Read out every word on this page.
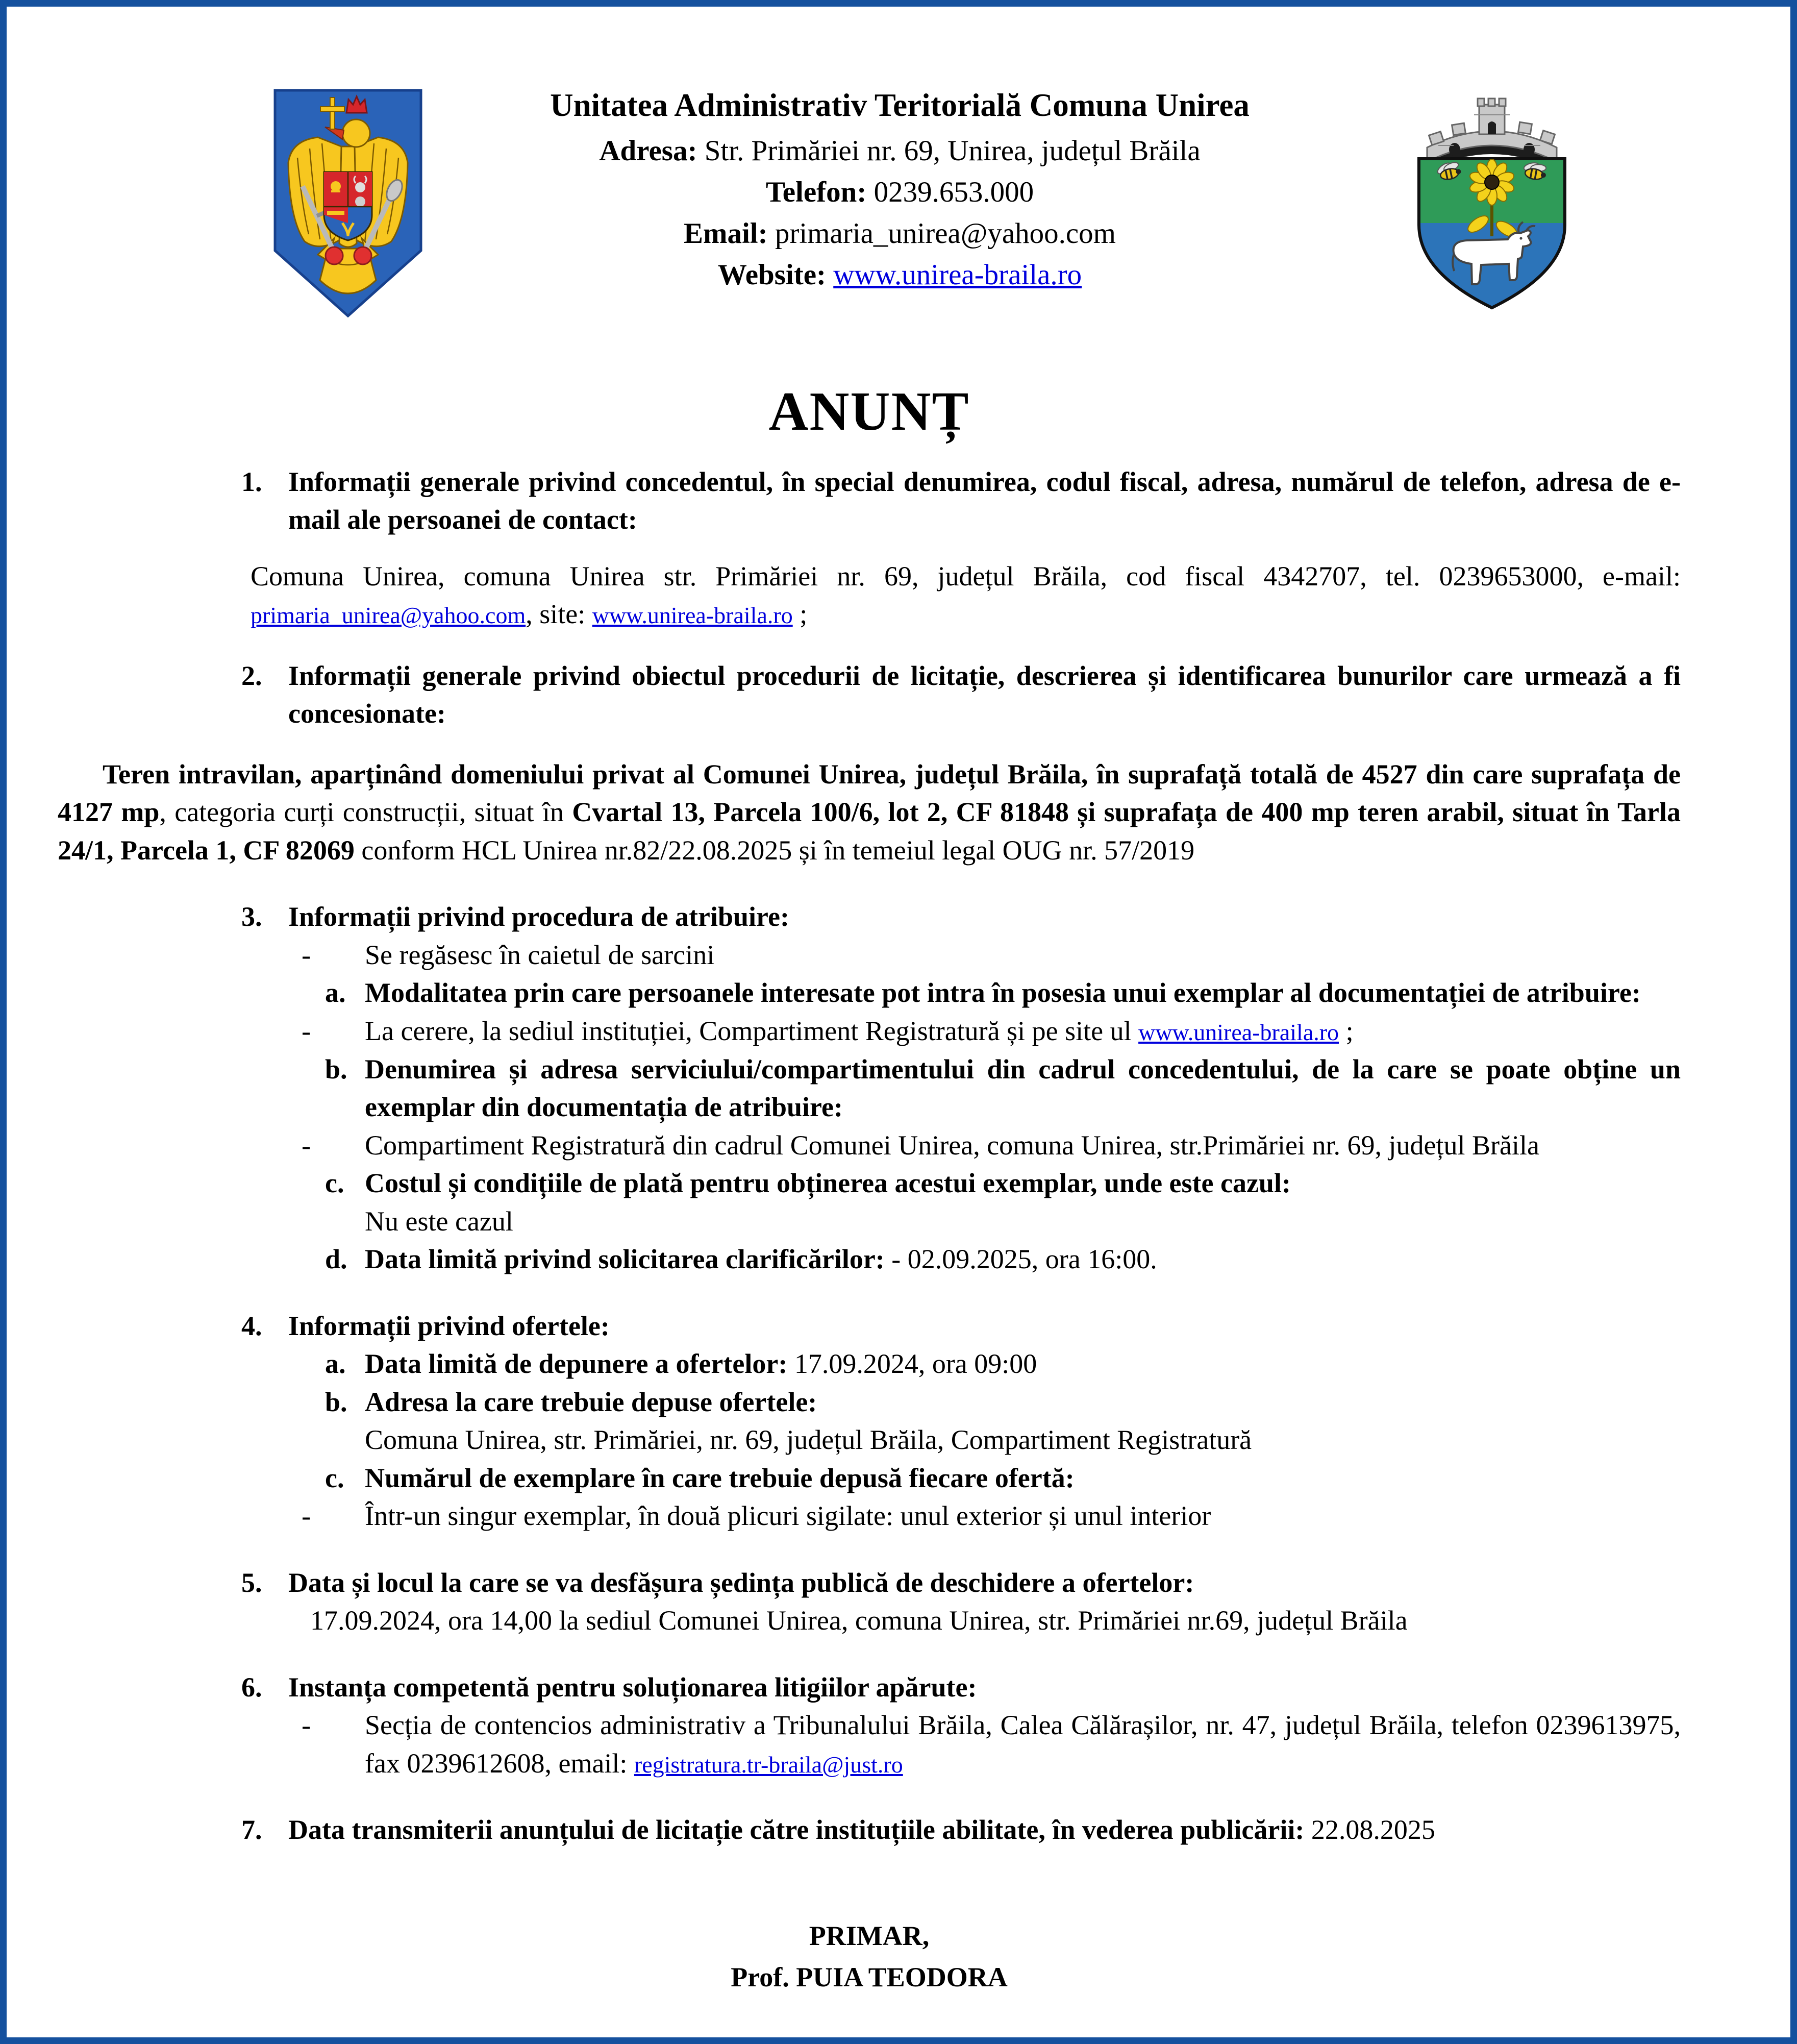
Unitatea Administrativ Teritorială Comuna Unirea
Adresa: Str. Primăriei nr. 69, Unirea, județul Brăila
Telefon: 0239.653.000
Email: primaria_unirea@yahoo.com
Website: www.unirea-braila.ro
ANUNȚ
1. Informații generale privind concedentul, în special denumirea, codul fiscal, adresa, numărul de telefon, adresa de e-mail ale persoanei de contact:
Comuna Unirea, comuna Unirea str. Primăriei nr. 69, județul Brăila, cod fiscal 4342707, tel. 0239653000, e-mail: primaria_unirea@yahoo.com, site: www.unirea-braila.ro ;
2. Informații generale privind obiectul procedurii de licitație, descrierea și identificarea bunurilor care urmează a fi concesionate:

Teren intravilan, aparținând domeniului privat al Comunei Unirea, județul Brăila, în suprafață totală de 4527 din care suprafața de 4127 mp, categoria curți construcții, situat în Cvartal 13, Parcela 100/6, lot 2, CF 81848 și suprafața de 400 mp teren arabil, situat în Tarla 24/1, Parcela 1, CF 82069 conform HCL Unirea nr.82/22.08.2025 și în temeiul legal OUG nr. 57/2019

3. Informații privind procedura de atribuire:
-	Se regăsesc în caietul de sarcini
a. Modalitatea prin care persoanele interesate pot intra în posesia unui exemplar al documentației de atribuire:
-	La cerere, la sediul instituției, Compartiment Registratură și pe site ul www.unirea-braila.ro ;
b. Denumirea și adresa serviciului/compartimentului din cadrul concedentului, de la care se poate obține un exemplar din documentația de atribuire:
-	Compartiment Registratură din cadrul Comunei Unirea, comuna Unirea, str.Primăriei nr. 69, județul Brăila
c. Costul și condițiile de plată pentru obținerea acestui exemplar, unde este cazul:
Nu este cazul
d. Data limită privind solicitarea clarificărilor: - 02.09.2025, ora 16:00.
4. Informații privind ofertele:
a. Data limită de depunere a ofertelor: 17.09.2024, ora 09:00
b. Adresa la care trebuie depuse ofertele:
Comuna Unirea, str. Primăriei, nr. 69, județul Brăila, Compartiment Registratură
c. Numărul de exemplare în care trebuie depusă fiecare ofertă:
-	Într-un singur exemplar, în două plicuri sigilate: unul exterior și unul interior
5. Data și locul la care se va desfășura ședința publică de deschidere a ofertelor:
17.09.2024, ora 14,00 la sediul Comunei Unirea, comuna Unirea, str. Primăriei nr.69, județul Brăila
6. Instanța competentă pentru soluționarea litigiilor apărute:
-	Secția de contencios administrativ a Tribunalului Brăila, Calea Călărașilor, nr. 47, județul Brăila, telefon 0239613975, fax 0239612608, email: registratura.tr-braila@just.ro
7. Data transmiterii anunțului de licitație către instituțiile abilitate, în vederea publicării: 22.08.2025
PRIMAR,
Prof. PUIA TEODORA
